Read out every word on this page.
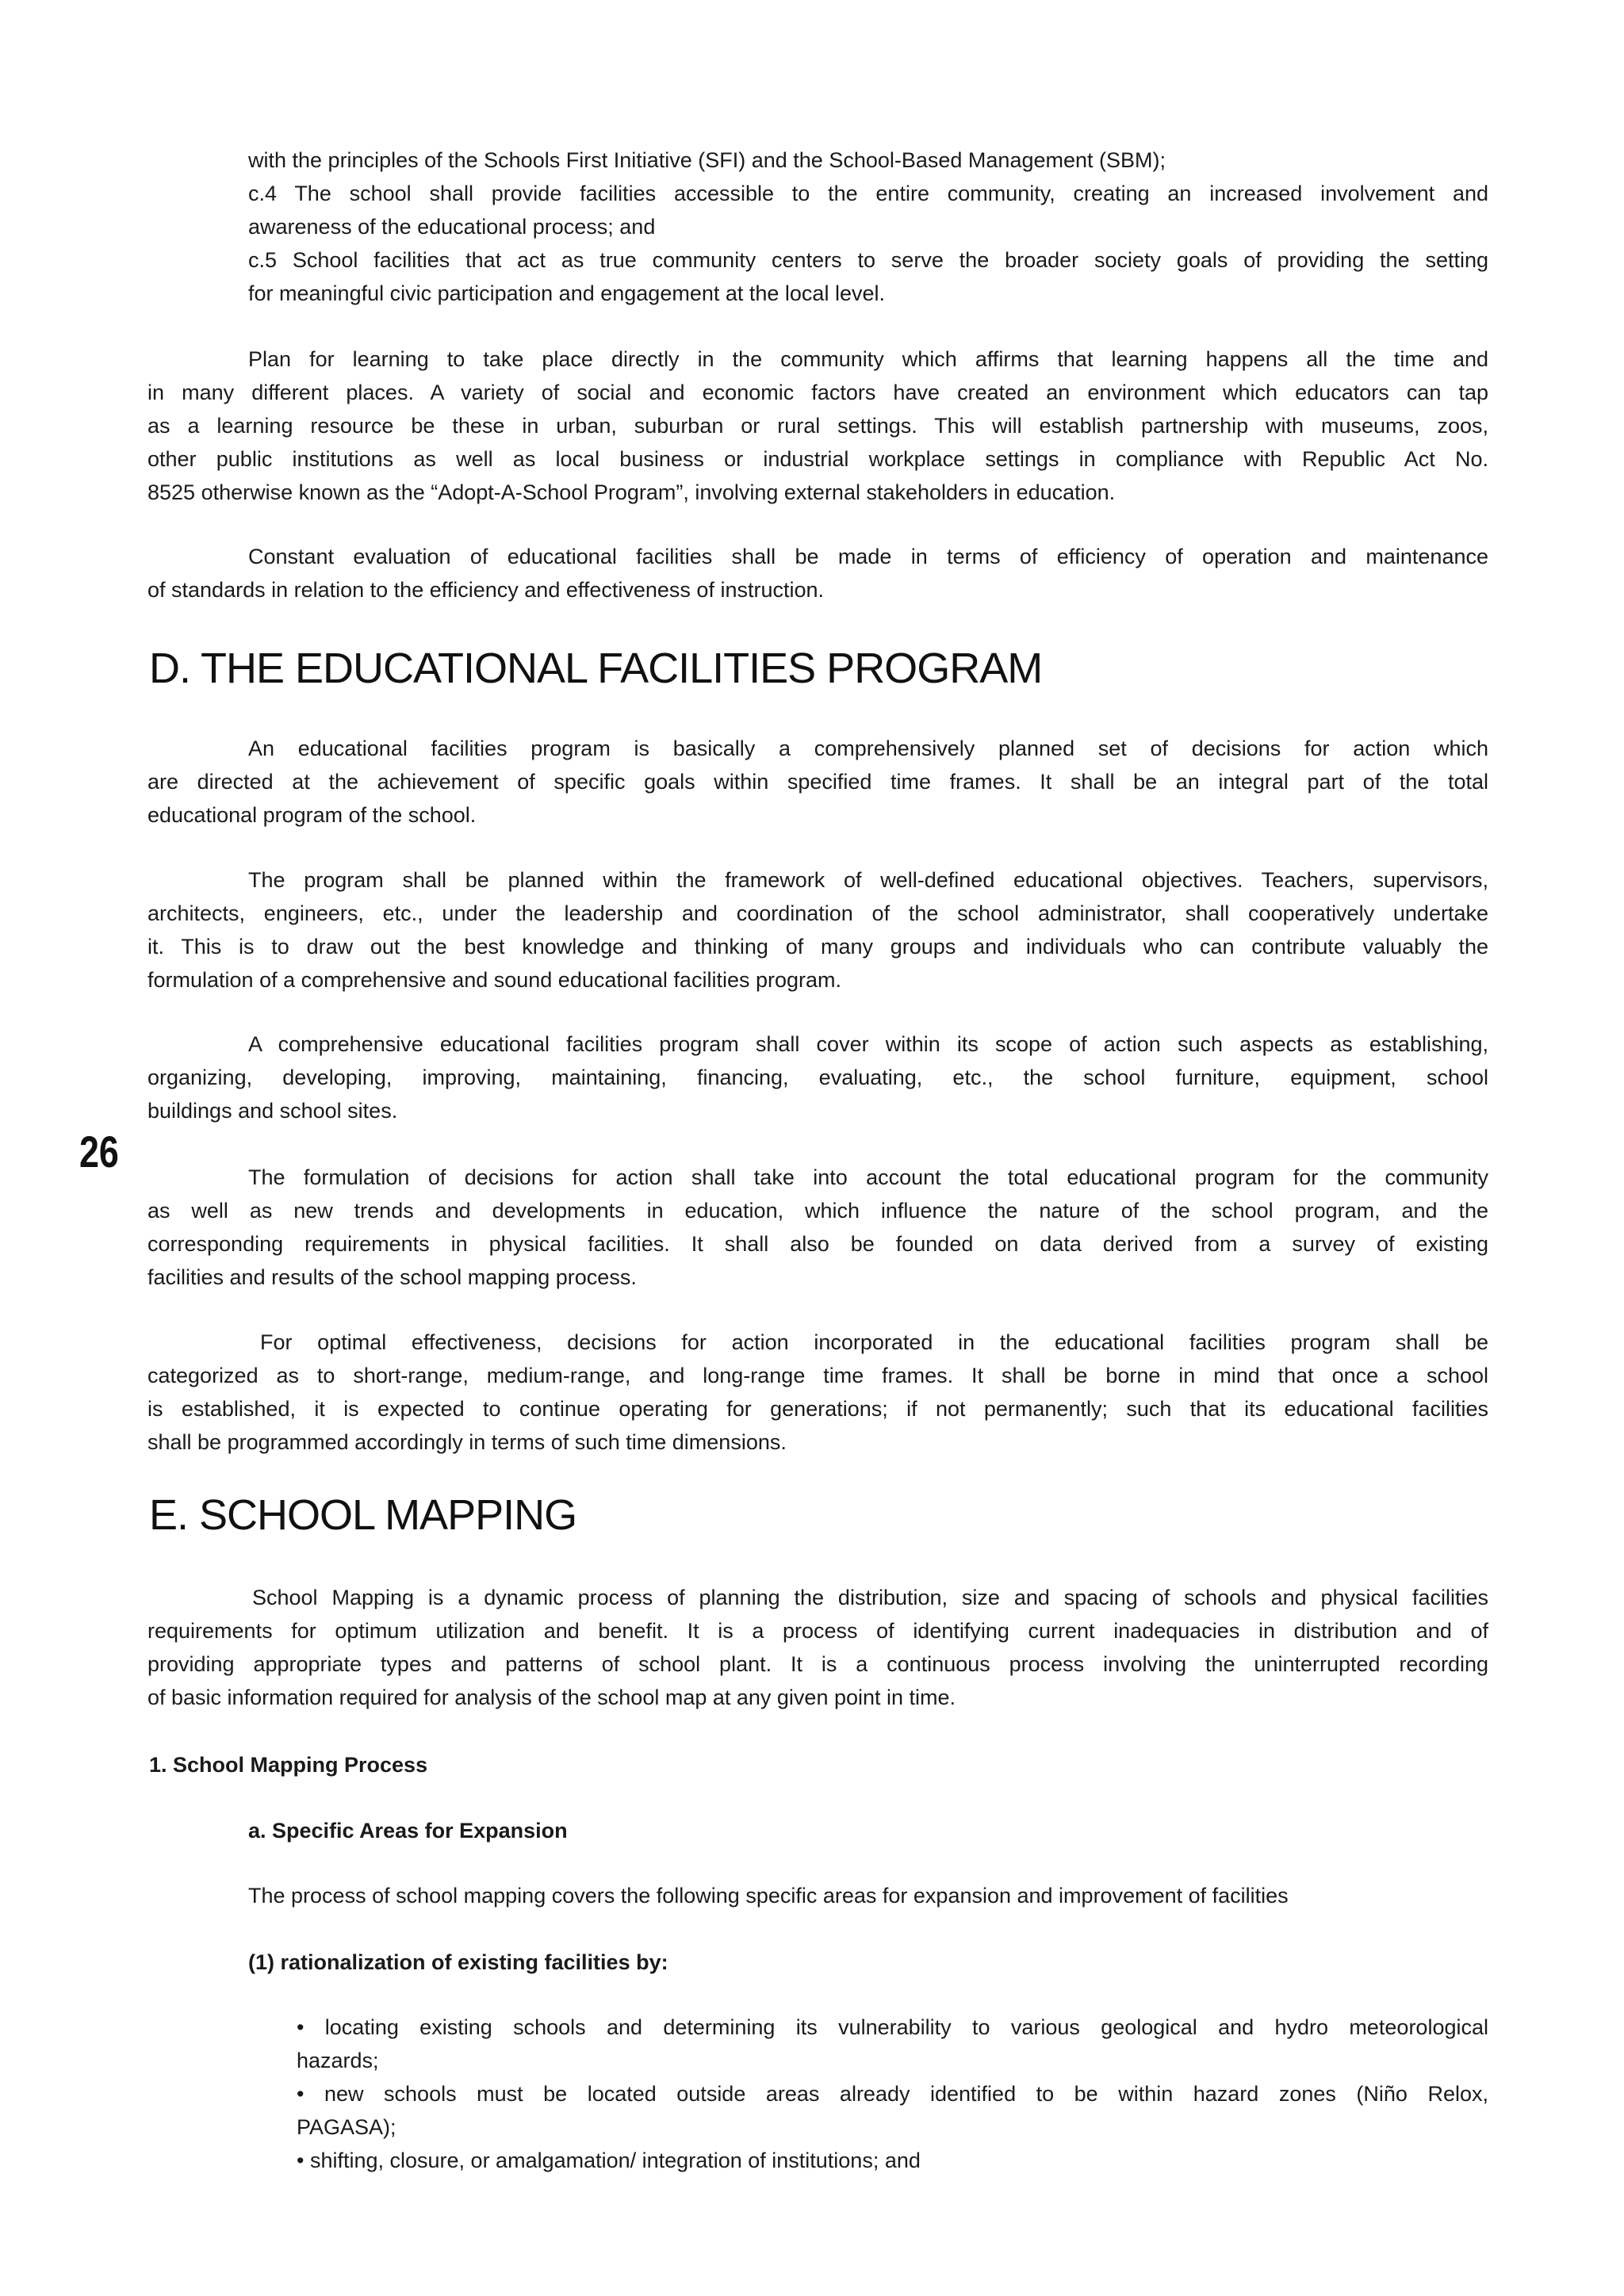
26
with the principles of the Schools First Initiative (SFI) and the School-Based Management (SBM);
c.4 The school shall provide facilities accessible to the entire community, creating an increased involvement and
awareness of the educational process; and
c.5 School facilities that act as true community centers to serve the broader society goals of providing the setting
for meaningful civic participation and engagement at the local level.
Plan for learning to take place directly in the community which affirms that learning happens all the time and
in many different places. A variety of social and economic factors have created an environment which educators can tap
as a learning resource be these in urban, suburban or rural settings. This will establish partnership with museums, zoos,
other public institutions as well as local business or industrial workplace settings in compliance with Republic Act No.
8525 otherwise known as the “Adopt-A-School Program”, involving external stakeholders in education.
Constant evaluation of educational facilities shall be made in terms of efficiency of operation and maintenance
of standards in relation to the efficiency and effectiveness of instruction.
D. THE EDUCATIONAL FACILITIES PROGRAM
An educational facilities program is basically a comprehensively planned set of decisions for action which
are directed at the achievement of specific goals within specified time frames. It shall be an integral part of the total
educational program of the school.
The program shall be planned within the framework of well-defined educational objectives. Teachers, supervisors,
architects, engineers, etc., under the leadership and coordination of the school administrator, shall cooperatively undertake
it. This is to draw out the best knowledge and thinking of many groups and individuals who can contribute valuably the
formulation of a comprehensive and sound educational facilities program.
A comprehensive educational facilities program shall cover within its scope of action such aspects as establishing,
organizing, developing, improving, maintaining, financing, evaluating, etc., the school furniture, equipment, school
buildings and school sites.
The formulation of decisions for action shall take into account the total educational program for the community
as well as new trends and developments in education, which influence the nature of the school program, and the
corresponding requirements in physical facilities. It shall also be founded on data derived from a survey of existing
facilities and results of the school mapping process.
For optimal effectiveness, decisions for action incorporated in the educational facilities program shall be
categorized as to short-range, medium-range, and long-range time frames. It shall be borne in mind that once a school
is established, it is expected to continue operating for generations; if not permanently; such that its educational facilities
shall be programmed accordingly in terms of such time dimensions.
E. SCHOOL MAPPING
School Mapping is a dynamic process of planning the distribution, size and spacing of schools and physical facilities
requirements for optimum utilization and benefit. It is a process of identifying current inadequacies in distribution and of
providing appropriate types and patterns of school plant. It is a continuous process involving the uninterrupted recording
of basic information required for analysis of the school map at any given point in time.
1. School Mapping Process
a. Specific Areas for Expansion
The process of school mapping covers the following specific areas for expansion and improvement of facilities
(1) rationalization of existing facilities by:
• locating existing schools and determining its vulnerability to various geological and hydro meteorological
hazards;
• new schools must be located outside areas already identified to be within hazard zones (Niño Relox,
PAGASA);
• shifting, closure, or amalgamation/ integration of institutions; and
